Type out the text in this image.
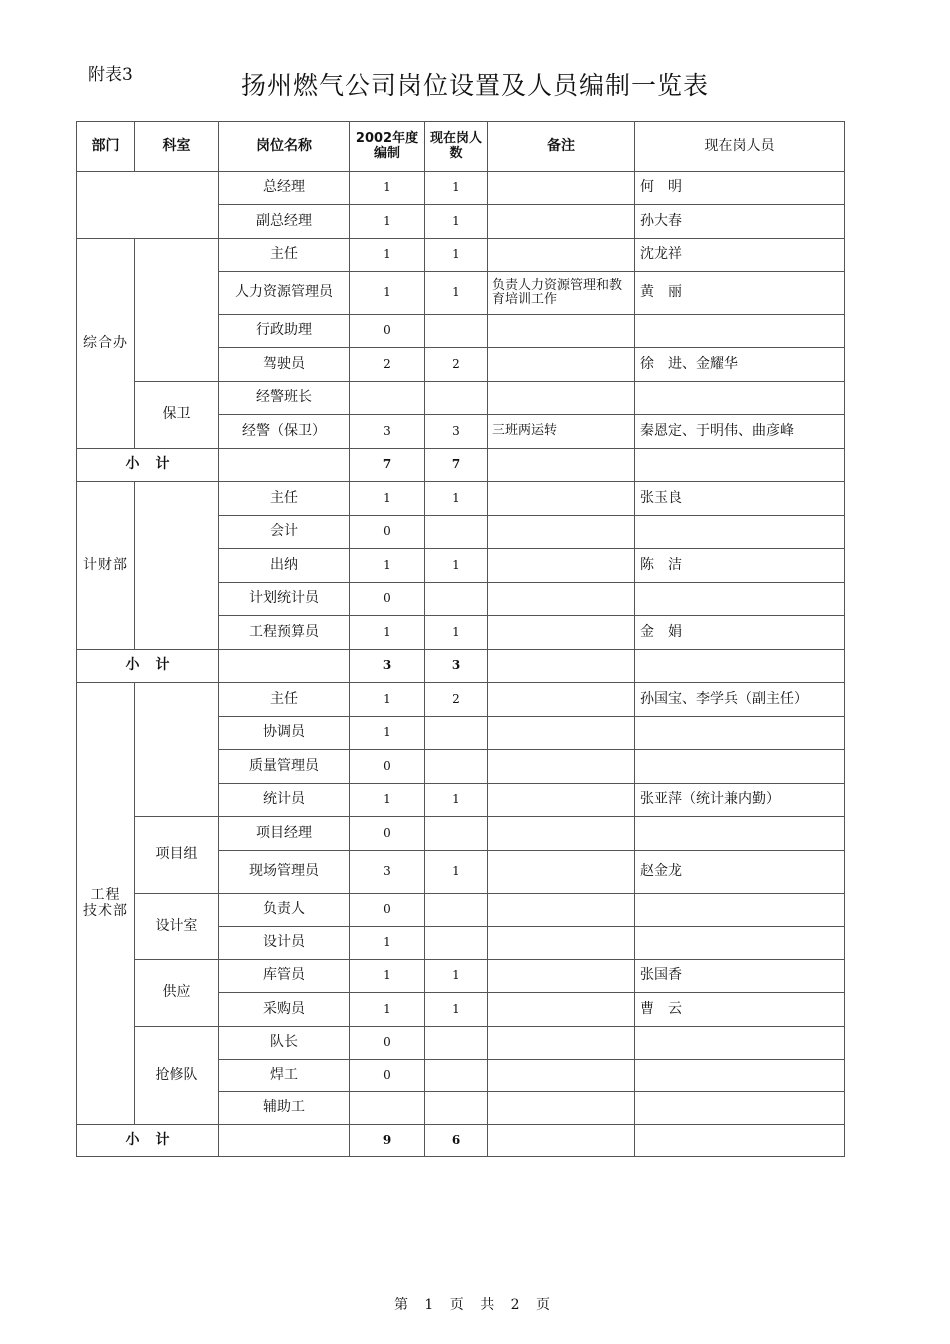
附表3	扬州燃气公司岗位设置及人员编制一览表
部门	科室	岗位名称	2002年度编制	现在岗人数	备注	现在岗人员
		总经理	1	1		何　明
		副总经理	1	1		孙大春
综合办		主任	1	1		沈龙祥
		人力资源管理员	1	1	负责人力资源管理和教育培训工作	黄　丽
		行政助理	0			
		驾驶员	2	2		徐　进、金耀华
	保卫	经警班长				
		经警（保卫）	3	3	三班两运转	秦恩定、于明伟、曲彦峰
小计			7	7		
计财部		主任	1	1		张玉良
		会计	0			
		出纳	1	1		陈　洁
		计划统计员	0			
		工程预算员	1	1		金　娟
小计			3	3		
工程
技术部		主任	1	2		孙国宝、李学兵（副主任）
		协调员	1			
		质量管理员	0			
		统计员	1	1		张亚萍（统计兼内勤）
	项目组	项目经理	0			
		现场管理员	3	1		赵金龙
	设计室	负责人	0			
		设计员	1			
	供应	库管员	1	1		张国香
		采购员	1	1		曹　云
	抢修队	队长	0			
		焊工	0			
		辅助工				
小计			9	6		
第 1 页 共 2 页
